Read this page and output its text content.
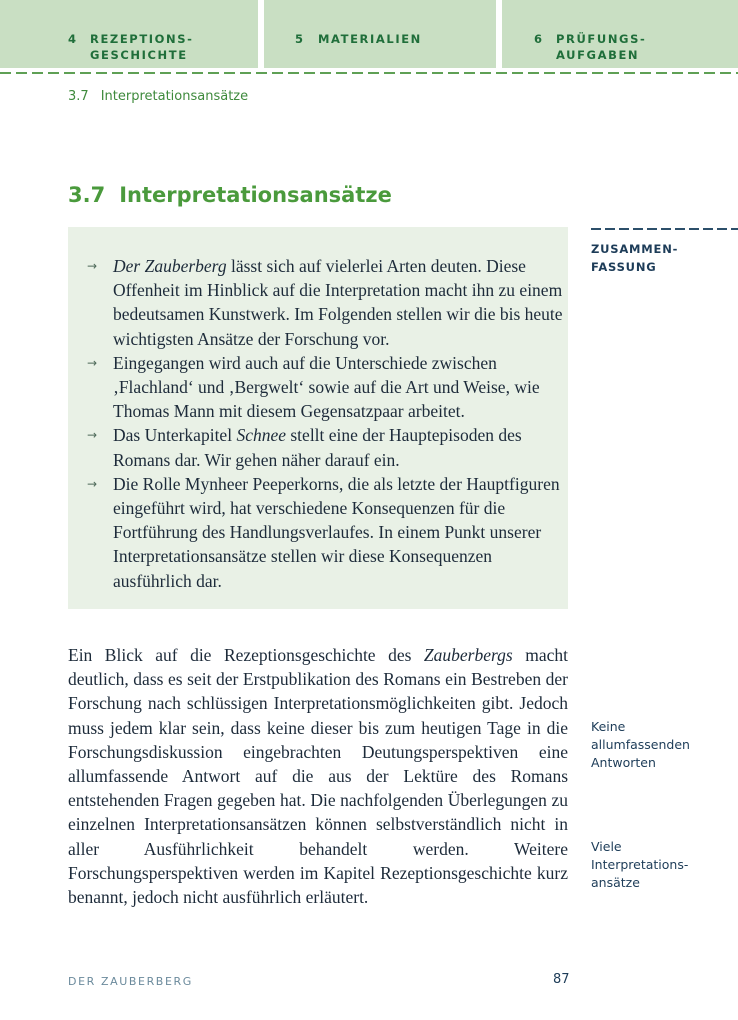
4 REZEPTIONS-
GESCHICHTE
5 MATERIALIEN	6 PRÜFUNGS-
AUFGABEN
3.7 Interpretationsansätze
3.7 Interpretationsansätze
→ Der Zauberberg lässt sich auf vielerlei Arten deuten. Diese Offenheit im Hinblick auf die Interpretation macht ihn zu einem bedeutsamen Kunstwerk. Im Folgenden stellen wir die bis heute wichtigsten Ansätze der Forschung vor.
→ Eingegangen wird auch auf die Unterschiede zwischen ‚Flachland‘ und ‚Bergwelt‘ sowie auf die Art und Weise, wie Thomas Mann mit diesem Gegensatzpaar arbeitet.
→ Das Unterkapitel Schnee stellt eine der Hauptepisoden des Romans dar. Wir gehen näher darauf ein.
→ Die Rolle Mynheer Peeperkorns, die als letzte der Hauptfiguren eingeführt wird, hat verschiedene Konsequenzen für die Fortführung des Handlungsverlaufes. In einem Punkt unserer Interpretationsansätze stellen wir diese Konsequenzen ausführlich dar.
ZUSAMMEN-
FASSUNG

Ein Blick auf die Rezeptionsgeschichte des Zauberbergs macht deutlich, dass es seit der Erstpublikation des Romans ein Bestreben der Forschung nach schlüssigen Interpretationsmöglichkeiten gibt. Jedoch muss jedem klar sein, dass keine dieser bis zum heutigen Tage in die Forschungsdiskussion eingebrachten Deutungsperspektiven eine allumfassende Antwort auf die aus der Lektüre des Romans entstehenden Fragen gegeben hat. Die nachfolgenden Überlegungen zu einzelnen Interpretationsansätzen können selbstverständlich nicht in aller Ausführlichkeit behandelt werden. Weitere Forschungsperspektiven werden im Kapitel Rezeptionsgeschichte kurz benannt, jedoch nicht ausführlich erläutert.

Keine
allumfassenden
Antworten
Viele
Interpretations-
ansätze
DER ZAUBERBERG	87
